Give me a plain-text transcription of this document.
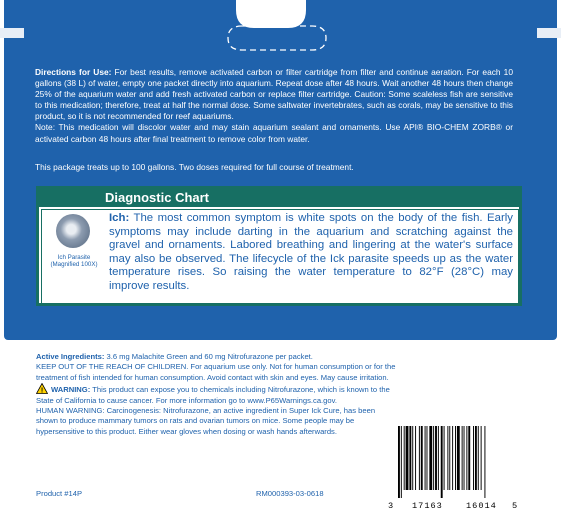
Directions for Use: For best results, remove activated carbon or filter cartridge from filter and continue aeration. For each 10 gallons (38 L) of water, empty one packet directly into aquarium. Repeat dose after 48 hours. Wait another 48 hours then change 25% of the aquarium water and add fresh activated carbon or replace filter cartridge. Caution: Some scaleless fish are sensitive to this medication; therefore, treat at half the normal dose. Some saltwater invertebrates, such as corals, may be sensitive to this product, so it is not recommended for reef aquariums.

Note: This medication will discolor water and may stain aquarium sealant and ornaments. Use API® BIO-CHEM ZORB® or activated carbon 48 hours after final treatment to remove color from water.

This package treats up to 100 gallons. Two doses required for full course of treatment.
Diagnostic Chart
Ich Parasite (Magnified 100X)
Ich: The most common symptom is white spots on the body of the fish. Early symptoms may include darting in the aquarium and scratching against the gravel and ornaments. Labored breathing and lingering at the water's surface may also be observed. The lifecycle of the Ick parasite speeds up as the water temperature rises. So raising the water temperature to 82°F (28°C) may improve results.

Active Ingredients: 3.6 mg Malachite Green and 60 mg Nitrofurazone per packet.

KEEP OUT OF THE REACH OF CHILDREN. For aquarium use only. Not for human consumption or for the treatment of fish intended for human consumption. Avoid contact with skin and eyes. May cause irritation.

! WARNING: This product can expose you to chemicals including Nitrofurazone, which is known to the State of California to cause cancer. For more information go to www.P65Warnings.ca.gov.

HUMAN WARNING: Carcinogenesis: Nitrofurazone, an active ingredient in Super Ick Cure, has been shown to produce mammary tumors on rats and ovarian tumors on mice. Some people may be hypersensitive to this product. Either wear gloves when dosing or wash hands afterwards.

Product #14P	RM000393-03-0618
3 17163	16014 5
